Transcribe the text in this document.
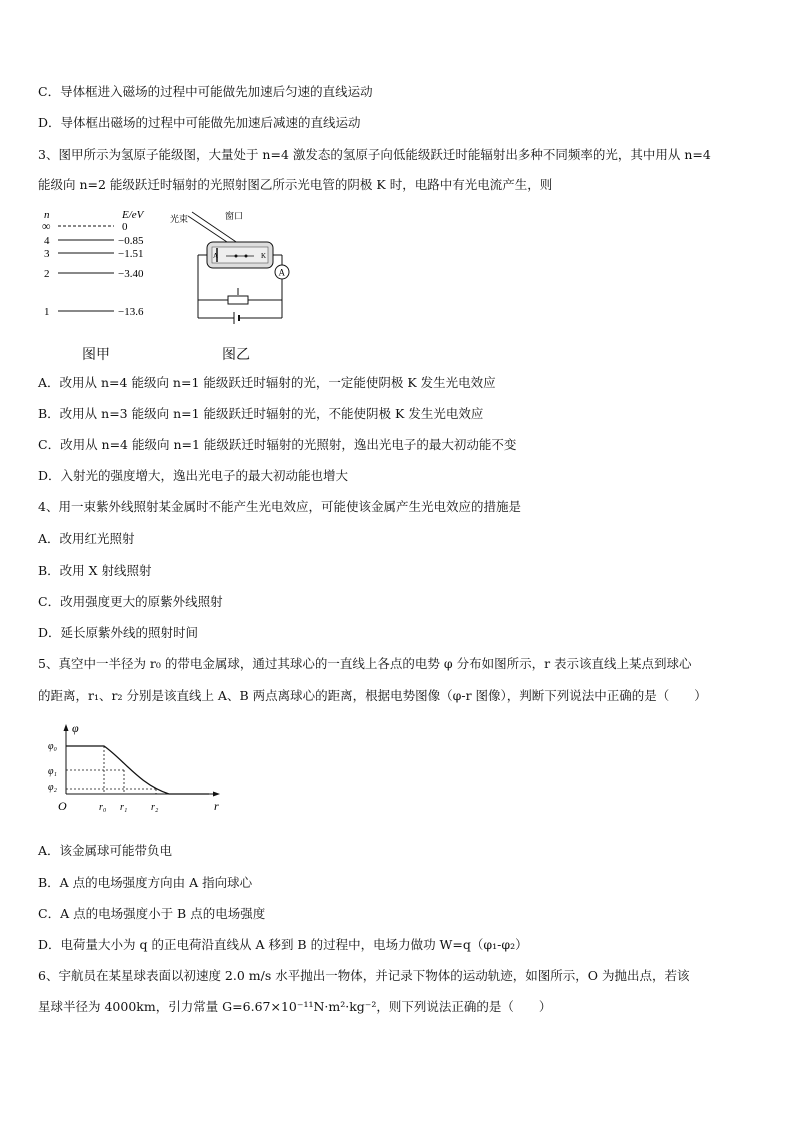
C．导体框进入磁场的过程中可能做先加速后匀速的直线运动
D．导体框出磁场的过程中可能做先加速后减速的直线运动
3、图甲所示为氢原子能级图，大量处于 n=4 激发态的氢原子向低能级跃迁时能辐射出多种不同频率的光，其中用从 n=4
能级向 n=2 能级跃迁时辐射的光照射图乙所示光电管的阴极 K 时，电路中有光电流产生，则
n	E/eV
∞	0
4	−0.85
3	−1.51
2	−3.40
1	−13.6
光束	窗口
A	K
A
图甲	图乙
A．改用从 n=4 能级向 n=1 能级跃迁时辐射的光，一定能使阴极 K 发生光电效应
B．改用从 n=3 能级向 n=1 能级跃迁时辐射的光，不能使阴极 K 发生光电效应
C．改用从 n=4 能级向 n=1 能级跃迁时辐射的光照射，逸出光电子的最大初动能不变
D．入射光的强度增大，逸出光电子的最大初动能也增大
4、用一束紫外线照射某金属时不能产生光电效应，可能使该金属产生光电效应的措施是
A．改用红光照射
B．改用 X 射线照射
C．改用强度更大的原紫外线照射
D．延长原紫外线的照射时间
5、真空中一半径为 r₀ 的带电金属球，通过其球心的一直线上各点的电势 φ 分布如图所示，r 表示该直线上某点到球心
的距离，r₁、r₂ 分别是该直线上 A、B 两点离球心的距离，根据电势图像（φ-r 图像），判断下列说法中正确的是（　　）
φ
r
O
φ₀
φ₁
φ₂
r₀ r₁ r₂
A．该金属球可能带负电
B．A 点的电场强度方向由 A 指向球心
C．A 点的电场强度小于 B 点的电场强度
D．电荷量大小为 q 的正电荷沿直线从 A 移到 B 的过程中，电场力做功 W=q（φ₁-φ₂）
6、宇航员在某星球表面以初速度 2.0 m/s 水平抛出一物体，并记录下物体的运动轨迹，如图所示，O 为抛出点，若该
星球半径为 4000km，引力常量 G=6.67×10⁻¹¹N·m²·kg⁻²，则下列说法正确的是（　　）
